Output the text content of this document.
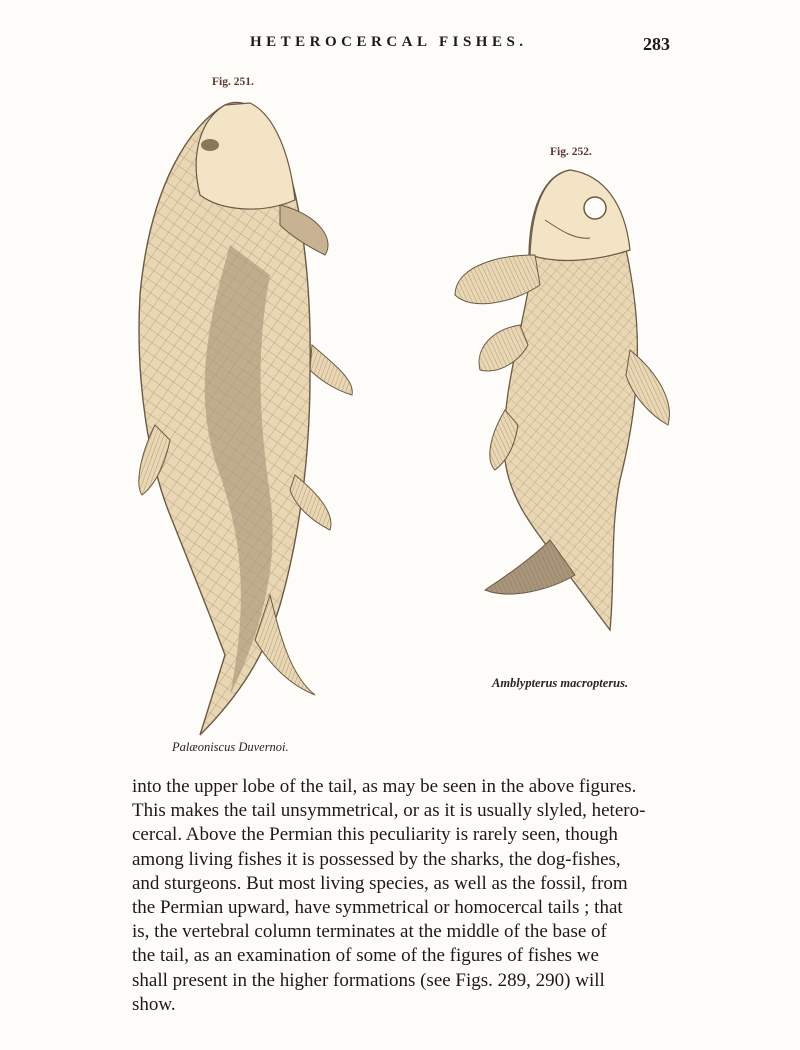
HETEROCERCAL FISHES.	283
Fig. 251.
Fig. 252.
Palæoniscus Duvernoi.
Amblypterus macropterus.

into the upper lobe of the tail, as may be seen in the above figures.

This makes the tail unsymmetrical, or as it is usually slyled, hetero-

cercal. Above the Permian this peculiarity is rarely seen, though

among living fishes it is possessed by the sharks, the dog-fishes,

and sturgeons. But most living species, as well as the fossil, from

the Permian upward, have symmetrical or homocercal tails ; that

is, the vertebral column terminates at the middle of the base of

the tail, as an examination of some of the figures of fishes we

shall present in the higher formations (see Figs. 289, 290) will

show.
